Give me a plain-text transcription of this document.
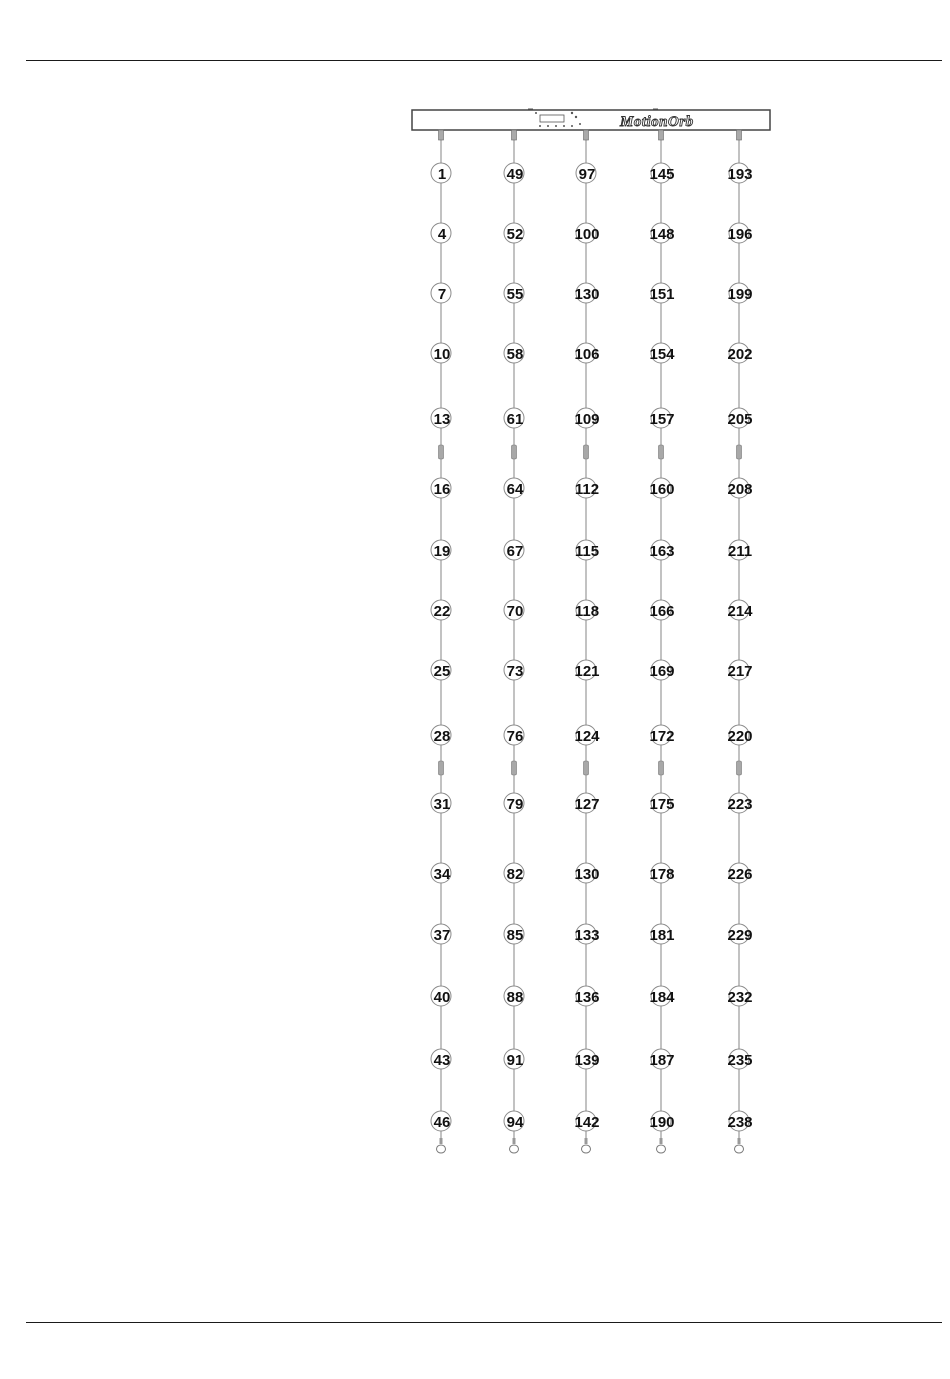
MotionOrb
1
4
7
10
13
16
19
22
25
28
31
34
37
40
43
46
49
52
55
58
61
64
67
70
73
76
79
82
85
88
91
94
97
100
130
106
109
112
115
118
121
124
127
130
133
136
139
142
145
148
151
154
157
160
163
166
169
172
175
178
181
184
187
190
193
196
199
202
205
208
211
214
217
220
223
226
229
232
235
238
